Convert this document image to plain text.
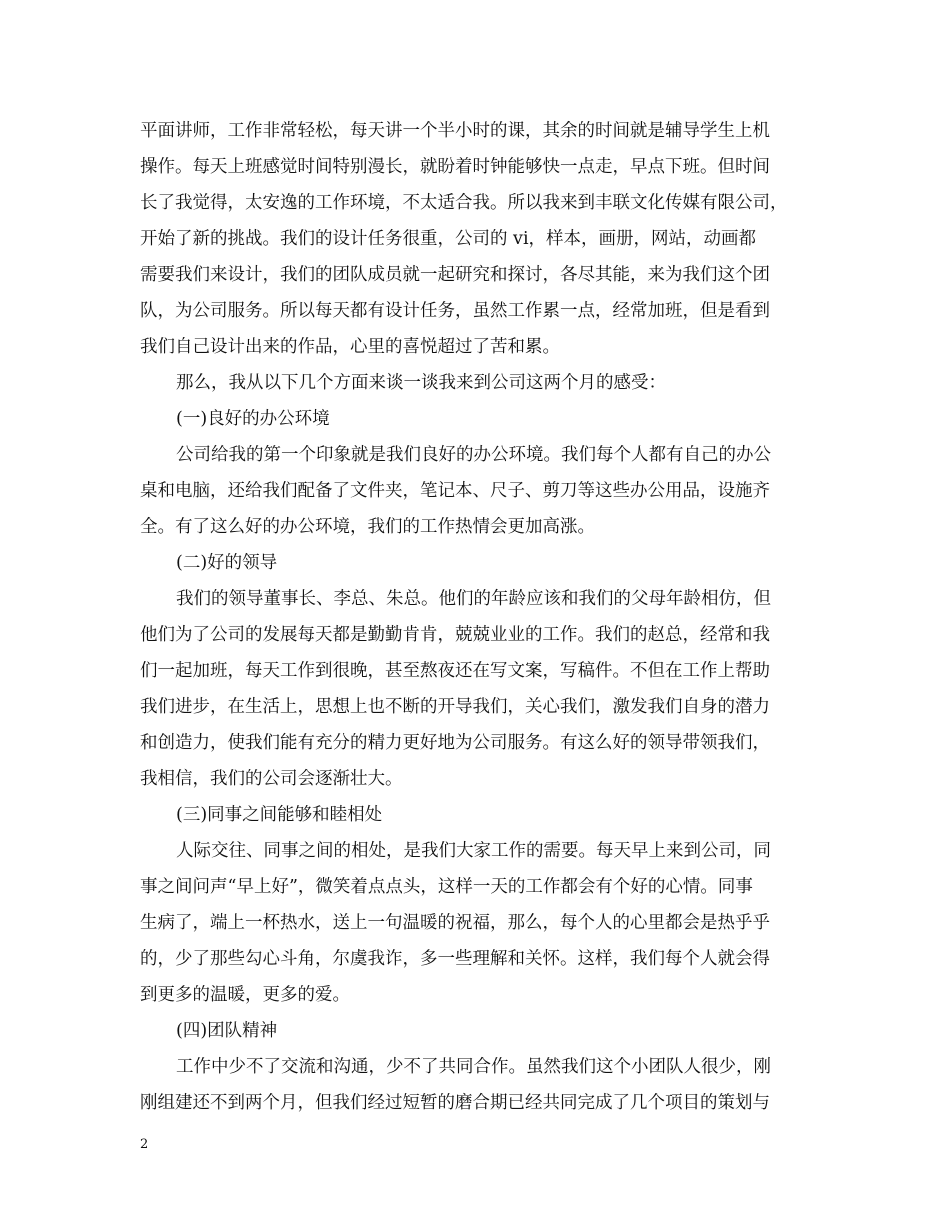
平面讲师，工作非常轻松，每天讲一个半小时的课，其余的时间就是辅导学生上机
操作。每天上班感觉时间特别漫长，就盼着时钟能够快一点走，早点下班。但时间
长了我觉得，太安逸的工作环境，不太适合我。所以我来到丰联文化传媒有限公司，
开始了新的挑战。我们的设计任务很重，公司的 vi，样本，画册，网站，动画都
需要我们来设计，我们的团队成员就一起研究和探讨，各尽其能，来为我们这个团
队，为公司服务。所以每天都有设计任务，虽然工作累一点，经常加班，但是看到
我们自己设计出来的作品，心里的喜悦超过了苦和累。
那么，我从以下几个方面来谈一谈我来到公司这两个月的感受：
(一)良好的办公环境
公司给我的第一个印象就是我们良好的办公环境。我们每个人都有自己的办公
桌和电脑，还给我们配备了文件夹，笔记本、尺子、剪刀等这些办公用品，设施齐
全。有了这么好的办公环境，我们的工作热情会更加高涨。
(二)好的领导
我们的领导董事长、李总、朱总。他们的年龄应该和我们的父母年龄相仿，但
他们为了公司的发展每天都是勤勤肯肯，兢兢业业的工作。我们的赵总，经常和我
们一起加班，每天工作到很晚，甚至熬夜还在写文案，写稿件。不但在工作上帮助
我们进步，在生活上，思想上也不断的开导我们，关心我们，激发我们自身的潜力
和创造力，使我们能有充分的精力更好地为公司服务。有这么好的领导带领我们，
我相信，我们的公司会逐渐壮大。
(三)同事之间能够和睦相处
人际交往、同事之间的相处，是我们大家工作的需要。每天早上来到公司，同
事之间问声“早上好”，微笑着点点头，这样一天的工作都会有个好的心情。同事
生病了，端上一杯热水，送上一句温暖的祝福，那么，每个人的心里都会是热乎乎
的，少了那些勾心斗角，尔虞我诈，多一些理解和关怀。这样，我们每个人就会得
到更多的温暖，更多的爱。
(四)团队精神
工作中少不了交流和沟通，少不了共同合作。虽然我们这个小团队人很少，刚
刚组建还不到两个月，但我们经过短暂的磨合期已经共同完成了几个项目的策划与
2
